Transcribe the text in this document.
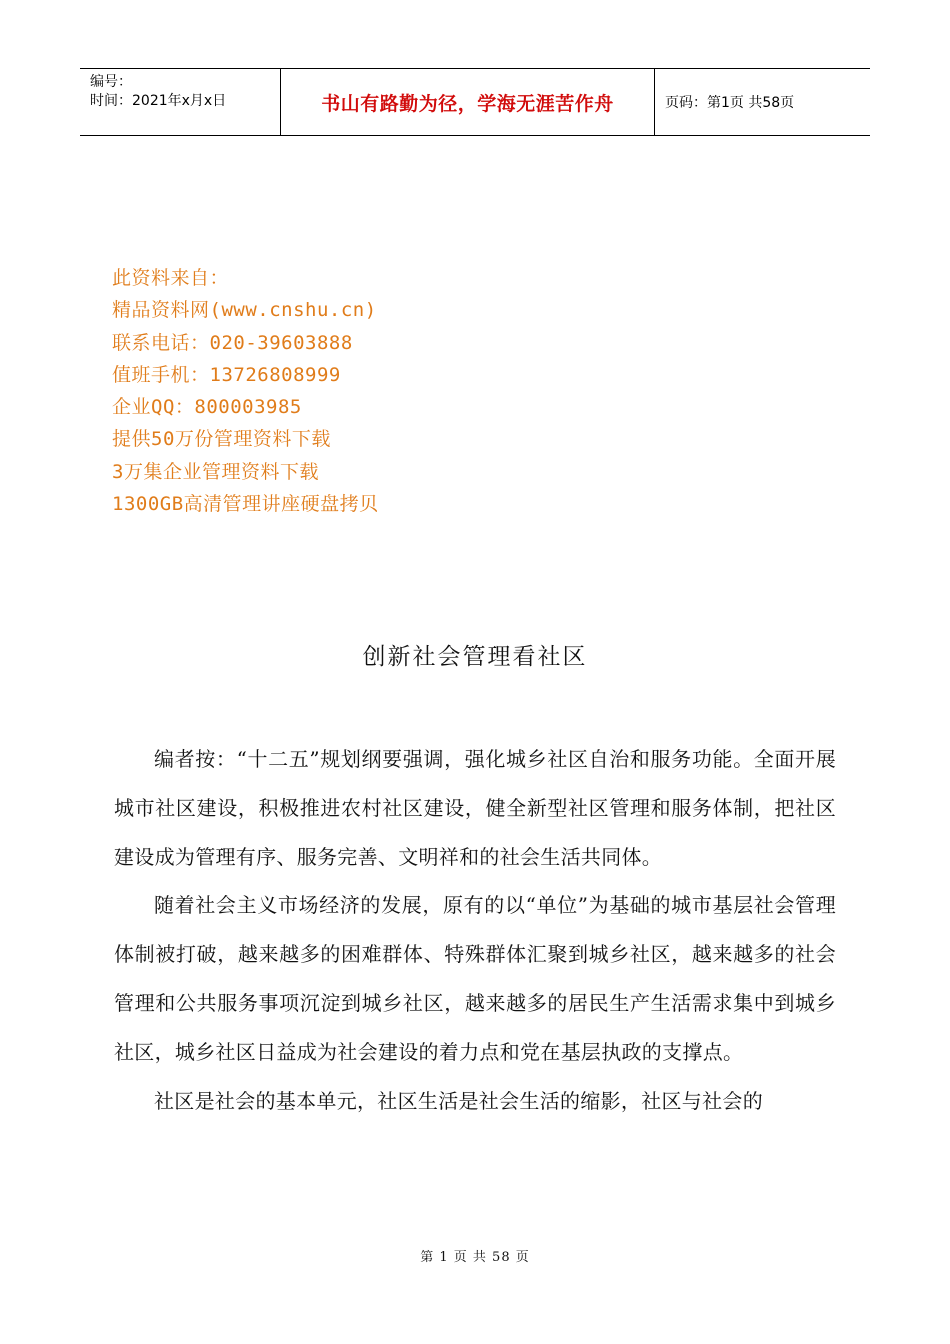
编号：
时间：2021年x月x日	书山有路勤为径，学海无涯苦作舟	页码：第1页 共58页
此资料来自：
精品资料网(www.cnshu.cn)
联系电话：020-39603888
值班手机：13726808999
企业QQ：800003985
提供50万份管理资料下载
3万集企业管理资料下载
1300GB高清管理讲座硬盘拷贝
创新社会管理看社区

编者按：“十二五”规划纲要强调，强化城乡社区自治和服务功能。全面开展城市社区建设，积极推进农村社区建设，健全新型社区管理和服务体制，把社区建设成为管理有序、服务完善、文明祥和的社会生活共同体。

随着社会主义市场经济的发展，原有的以“单位”为基础的城市基层社会管理体制被打破，越来越多的困难群体、特殊群体汇聚到城乡社区，越来越多的社会管理和公共服务事项沉淀到城乡社区，越来越多的居民生产生活需求集中到城乡社区，城乡社区日益成为社会建设的着力点和党在基层执政的支撑点。

社区是社会的基本单元，社区生活是社会生活的缩影，社区与社会的

第 1 页 共 58 页
